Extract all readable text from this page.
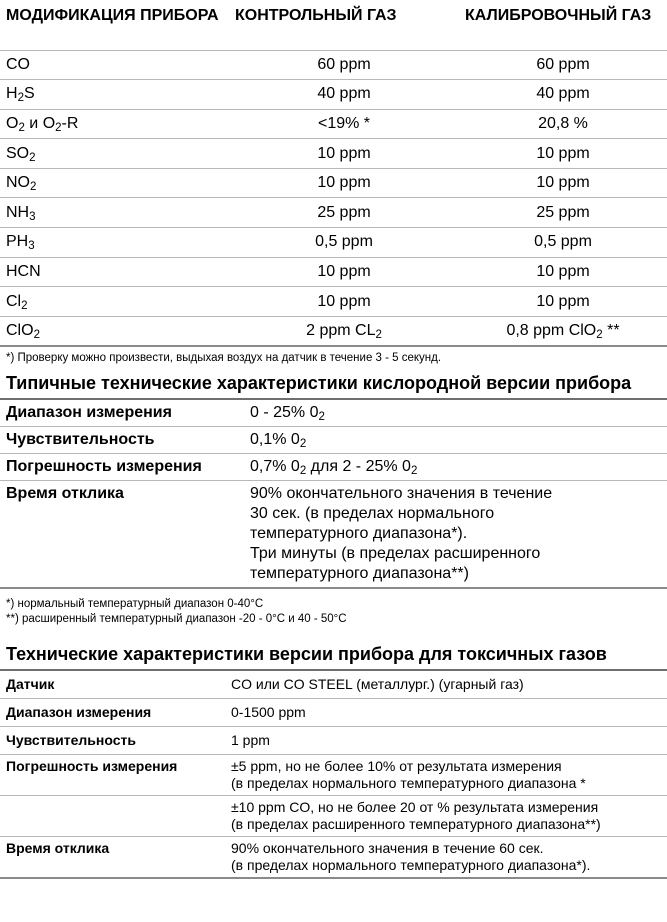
МОДИФИКАЦИЯ ПРИБОРА	КОНТРОЛЬНЫЙ ГАЗ	КАЛИБРОВОЧНЫЙ ГАЗ
CO	60 ppm	60 ppm
$H_2S$	40 ppm	40 ppm
$O_2$ и $O_2-R$	<19% *	20,8 %
$SO_2$	10 ppm	10 ppm
$NO_2$	10 ppm	10 ppm
$NH_3$	25 ppm	25 ppm
$PH_3$	0,5 ppm	0,5 ppm
HCN	10 ppm	10 ppm
$Cl_2$	10 ppm	10 ppm
ClO$_2$	2 ppm $CL_2$	0,8 ppm ClO$_2$ **
*) Проверку можно произвести, выдыхая воздух на датчик в течение 3 - 5 секунд.
Типичные технические характеристики кислородной версии прибора
Диапазон измерения	0 - 25% $0_2$
Чувствительность	0,1% $0_2$
Погрешность измерения	0,7% $0_2$ для 2 - 25% $0_2$
Время отклика	90% окончательного значения в течение
30 сек. (в пределах нормального
температурного диапазона*).
Три минуты (в пределах расширенного
температурного диапазона**)
*) нормальный температурный диапазон 0-40°C
**) расширенный температурный диапазон -20 - 0°C и 40 - 50°C
Технические характеристики версии прибора для токсичных газов
Датчик	CO или CO STEEL (металлург.) (угарный газ)
Диапазон измерения	0-1500 ppm
Чувствительность	1 ppm
Погрешность измерения	±5 ppm, но не более 10% от результата измерения
(в пределах нормального температурного диапазона *

	±10 ppm CO, но не более 20 от % результата измерения
(в пределах расширенного температурного диапазона**)

Время отклика	90% окончательного значения в течение 60 сек.
(в пределах нормального температурного диапазона*).
